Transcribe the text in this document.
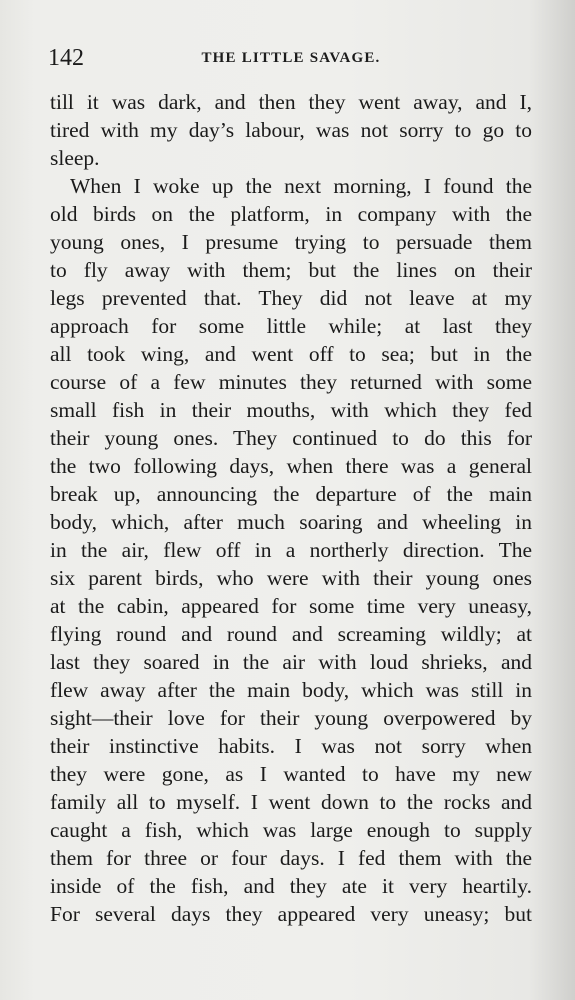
142	THE LITTLE SAVAGE.
till it was dark, and then they went away, and I,
tired with my day’s labour, was not sorry to go to
sleep.
When I woke up the next morning, I found the
old birds on the platform, in company with the
young ones, I presume trying to persuade them
to fly away with them; but the lines on their
legs prevented that. They did not leave at my
approach for some little while; at last they
all took wing, and went off to sea; but in the
course of a few minutes they returned with some
small fish in their mouths, with which they fed
their young ones. They continued to do this for
the two following days, when there was a general
break up, announcing the departure of the main
body, which, after much soaring and wheeling in
in the air, flew off in a northerly direction. The
six parent birds, who were with their young ones
at the cabin, appeared for some time very uneasy,
flying round and round and screaming wildly; at
last they soared in the air with loud shrieks, and
flew away after the main body, which was still in
sight—their love for their young overpowered by
their instinctive habits. I was not sorry when
they were gone, as I wanted to have my new
family all to myself. I went down to the rocks and
caught a fish, which was large enough to supply
them for three or four days. I fed them with the
inside of the fish, and they ate it very heartily.
For several days they appeared very uneasy; but
